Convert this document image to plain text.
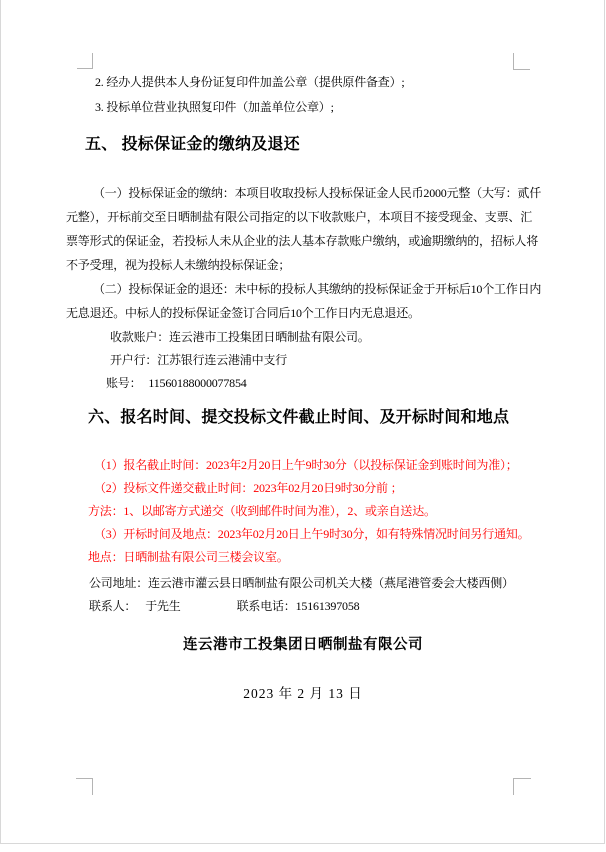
2. 经办人提供本人身份证复印件加盖公章（提供原件备查）;
3. 投标单位营业执照复印件（加盖单位公章）;
五、 投标保证金的缴纳及退还
（一）投标保证金的缴纳：本项目收取投标人投标保证金人民币2000元整（大写：贰仟
元整），开标前交至日晒制盐有限公司指定的以下收款账户，本项目不接受现金、支票、汇
票等形式的保证金，若投标人未从企业的法人基本存款账户缴纳，或逾期缴纳的，招标人将
不予受理，视为投标人未缴纳投标保证金；
（二）投标保证金的退还：未中标的投标人其缴纳的投标保证金于开标后10个工作日内
无息退还。中标人的投标保证金签订合同后10个工作日内无息退还。
收款账户：连云港市工投集团日晒制盐有限公司。
开户行：江苏银行连云港浦中支行
账号： 11560188000077854
六、报名时间、提交投标文件截止时间、及开标时间和地点
（1）报名截止时间：2023年2月20日上午9时30分（以投标保证金到账时间为准）；
（2）投标文件递交截止时间：2023年02月20日9时30分前 ；
方法：1、以邮寄方式递交（收到邮件时间为准），2、或亲自送达。
（3）开标时间及地点：2023年02月20日上午9时30分，如有特殊情况时间另行通知。
地点：日晒制盐有限公司三楼会议室。
公司地址：连云港市灌云县日晒制盐有限公司机关大楼（燕尾港管委会大楼西侧）
联系人： 于先生	联系电话：15161397058
连云港市工投集团日晒制盐有限公司
2023 年 2 月 13 日
